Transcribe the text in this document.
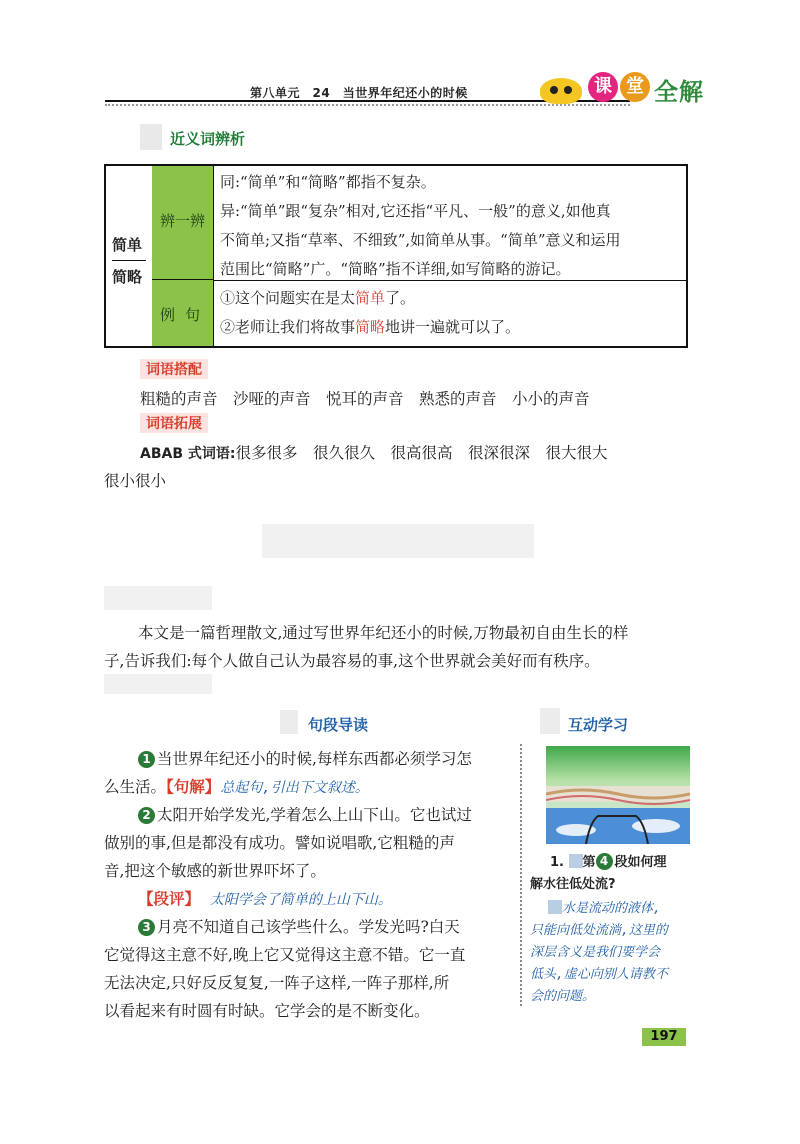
第八单元　24　当世界年纪还小的时候	课 堂 全解
近义词辨析
简单
简略
辨一辨
例句
同:“简单”和“简略”都指不复杂。
异:“简单”跟“复杂”相对,它还指“平凡、一般”的意义,如他真
不简单;又指“草率、不细致”,如简单从事。“简单”意义和运用
范围比“简略”广。“简略”指不详细,如写简略的游记。
①这个问题实在是太简单了。
②老师让我们将故事简略地讲一遍就可以了。
词语搭配
粗糙的声音　沙哑的声音　悦耳的声音　熟悉的声音　小小的声音
词语拓展
ABAB 式词语:很多很多　很久很久　很高很高　很深很深　很大很大
很小很小
本文是一篇哲理散文,通过写世界年纪还小的时候,万物最初自由生长的样
子,告诉我们:每个人做自己认为最容易的事,这个世界就会美好而有秩序。
句段导读
1 当世界年纪还小的时候,每样东西都必须学习怎
么生活。【句解】总起句,引出下文叙述。
2 太阳开始学发光,学着怎么上山下山。它也试过
做别的事,但是都没有成功。譬如说唱歌,它粗糙的声
音,把这个敏感的新世界吓坏了。
【段评】 太阳学会了简单的上山下山。
3 月亮不知道自己该学些什么。学发光吗?白天
它觉得这主意不好,晚上它又觉得这主意不错。它一直
无法决定,只好反反复复,一阵子这样,一阵子那样,所
以看起来有时圆有时缺。它学会的是不断变化。
互动学习
1. 第 4 段如何理
解水往低处流?
水是流动的液体,
只能向低处流淌,这里的
深层含义是我们要学会
低头,虚心向别人请教不
会的问题。
197
